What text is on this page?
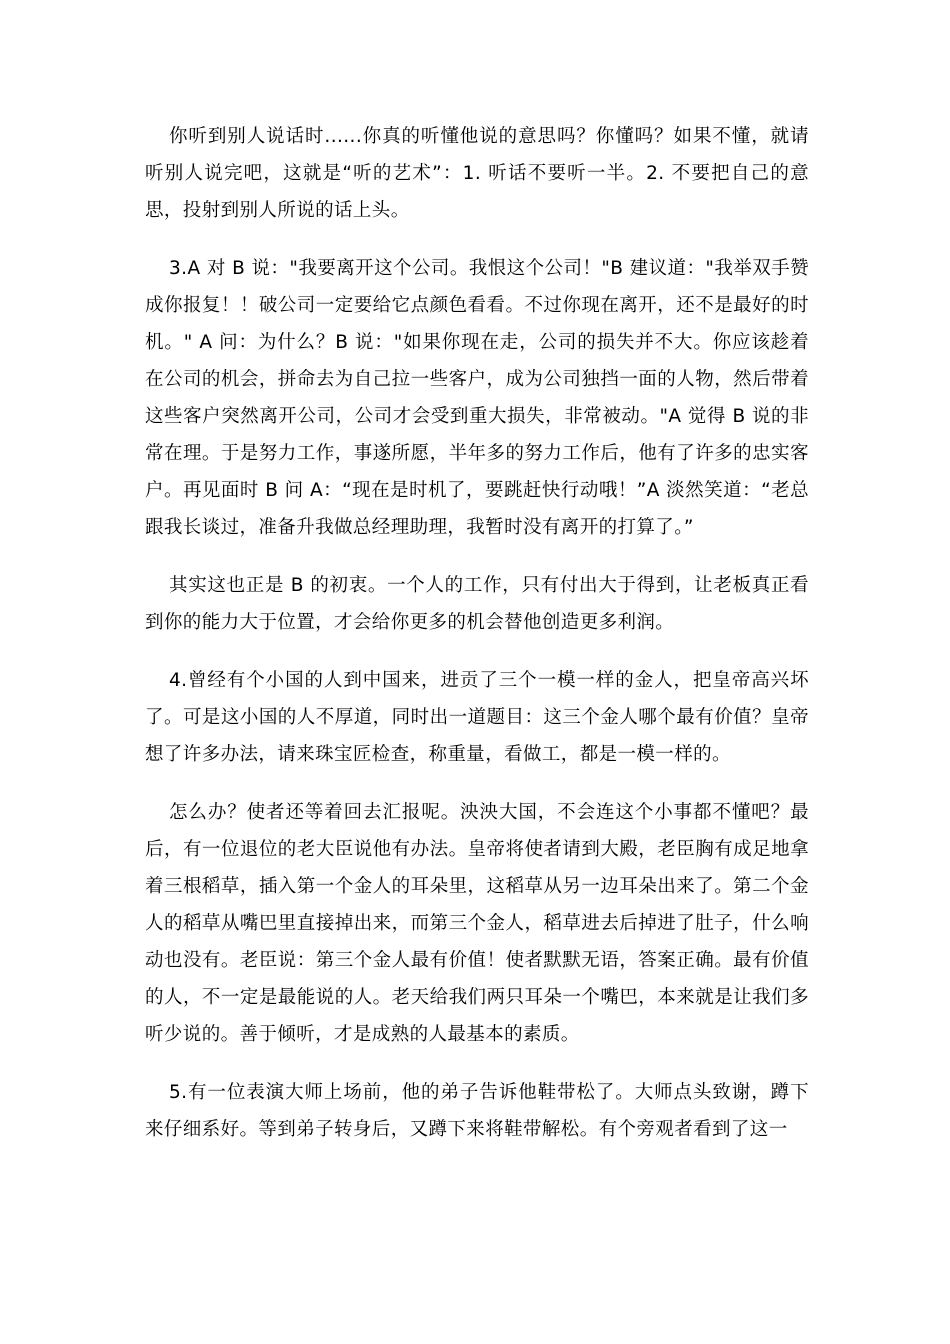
你听到别人说话时......你真的听懂他说的意思吗？你懂吗？如果不懂，就请听别人说完吧，这就是“听的艺术”：1. 听话不要听一半。2. 不要把自己的意思，投射到别人所说的话上头。

3.A 对 B 说："我要离开这个公司。我恨这个公司！"B 建议道："我举双手赞成你报复！！破公司一定要给它点颜色看看。不过你现在离开，还不是最好的时机。" A 问：为什么？B 说："如果你现在走，公司的损失并不大。你应该趁着在公司的机会，拼命去为自己拉一些客户，成为公司独挡一面的人物，然后带着这些客户突然离开公司，公司才会受到重大损失，非常被动。"A 觉得 B 说的非常在理。于是努力工作，事遂所愿，半年多的努力工作后，他有了许多的忠实客户。再见面时 B 问 A：“现在是时机了，要跳赶快行动哦！”A 淡然笑道：“老总跟我长谈过，准备升我做总经理助理，我暂时没有离开的打算了。”

其实这也正是 B 的初衷。一个人的工作，只有付出大于得到，让老板真正看到你的能力大于位置，才会给你更多的机会替他创造更多利润。

4.曾经有个小国的人到中国来，进贡了三个一模一样的金人，把皇帝高兴坏了。可是这小国的人不厚道，同时出一道题目：这三个金人哪个最有价值？皇帝想了许多办法，请来珠宝匠检查，称重量，看做工，都是一模一样的。

怎么办？使者还等着回去汇报呢。泱泱大国，不会连这个小事都不懂吧？最后，有一位退位的老大臣说他有办法。皇帝将使者请到大殿，老臣胸有成足地拿着三根稻草，插入第一个金人的耳朵里，这稻草从另一边耳朵出来了。第二个金人的稻草从嘴巴里直接掉出来，而第三个金人，稻草进去后掉进了肚子，什么响动也没有。老臣说：第三个金人最有价值！使者默默无语，答案正确。最有价值的人，不一定是最能说的人。老天给我们两只耳朵一个嘴巴，本来就是让我们多听少说的。善于倾听，才是成熟的人最基本的素质。

5.有一位表演大师上场前，他的弟子告诉他鞋带松了。大师点头致谢，蹲下来仔细系好。等到弟子转身后，又蹲下来将鞋带解松。有个旁观者看到了这一
